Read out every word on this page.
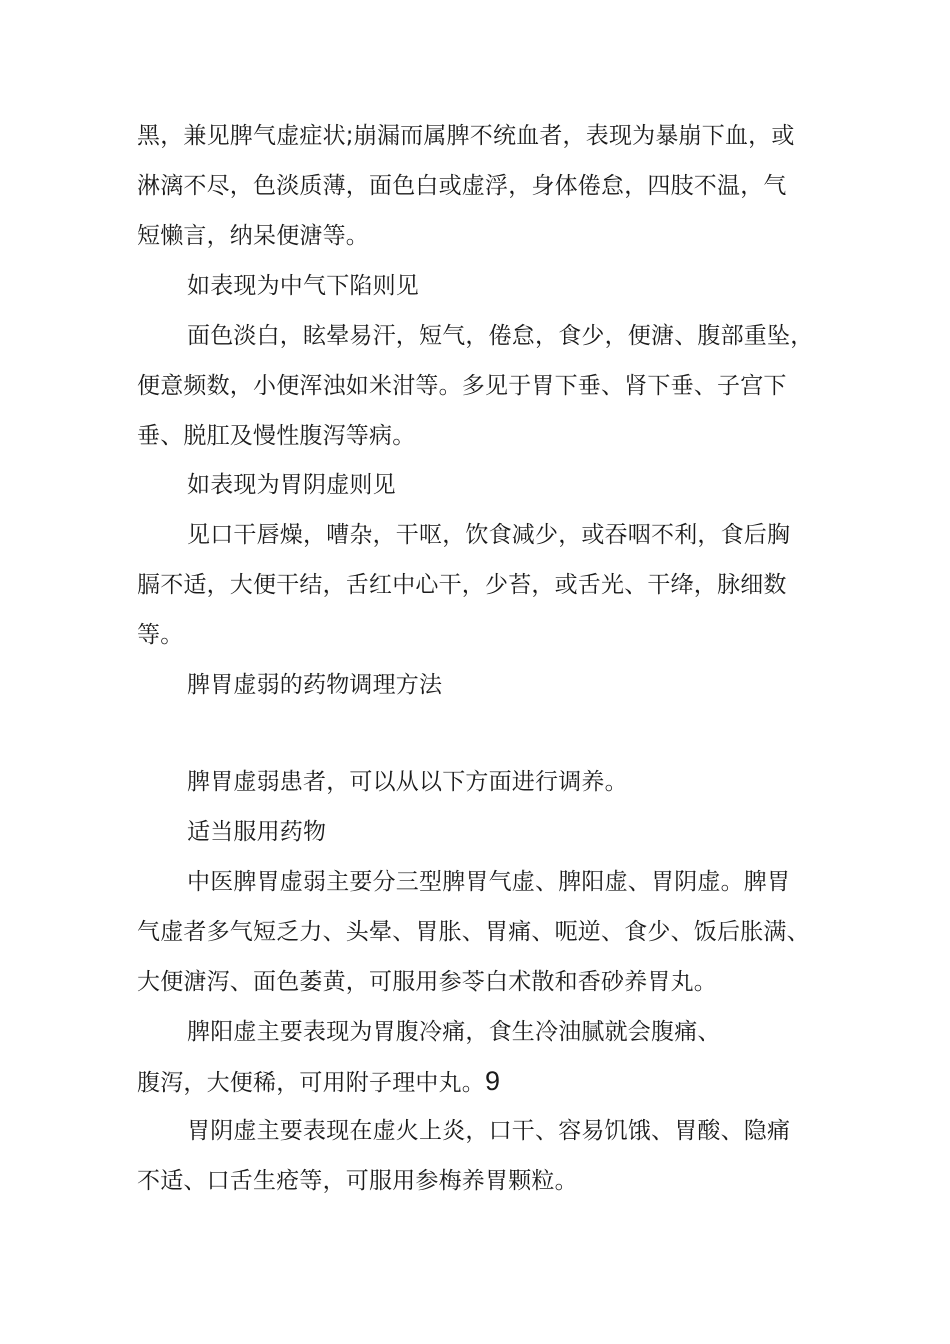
黑，兼见脾气虚症状;崩漏而属脾不统血者，表现为暴崩下血，或
淋漓不尽，色淡质薄，面色白或虚浮，身体倦怠，四肢不温，气
短懒言，纳呆便溏等。
如表现为中气下陷则见
面色淡白，眩晕易汗，短气，倦怠，食少，便溏、腹部重坠，
便意频数，小便浑浊如米泔等。多见于胃下垂、肾下垂、子宫下
垂、脱肛及慢性腹泻等病。
如表现为胃阴虚则见
见口干唇燥，嘈杂，干呕，饮食减少，或吞咽不利，食后胸
膈不适，大便干结，舌红中心干，少苔，或舌光、干绛，脉细数
等。
脾胃虚弱的药物调理方法
脾胃虚弱患者，可以从以下方面进行调养。
适当服用药物
中医脾胃虚弱主要分三型脾胃气虚、脾阳虚、胃阴虚。脾胃
气虚者多气短乏力、头晕、胃胀、胃痛、呃逆、食少、饭后胀满、
大便溏泻、面色萎黄，可服用参苓白术散和香砂养胃丸。
脾阳虚主要表现为胃腹冷痛，食生冷油腻就会腹痛、
腹泻，大便稀，可用附子理中丸。9
胃阴虚主要表现在虚火上炎，口干、容易饥饿、胃酸、隐痛
不适、口舌生疮等，可服用参梅养胃颗粒。
